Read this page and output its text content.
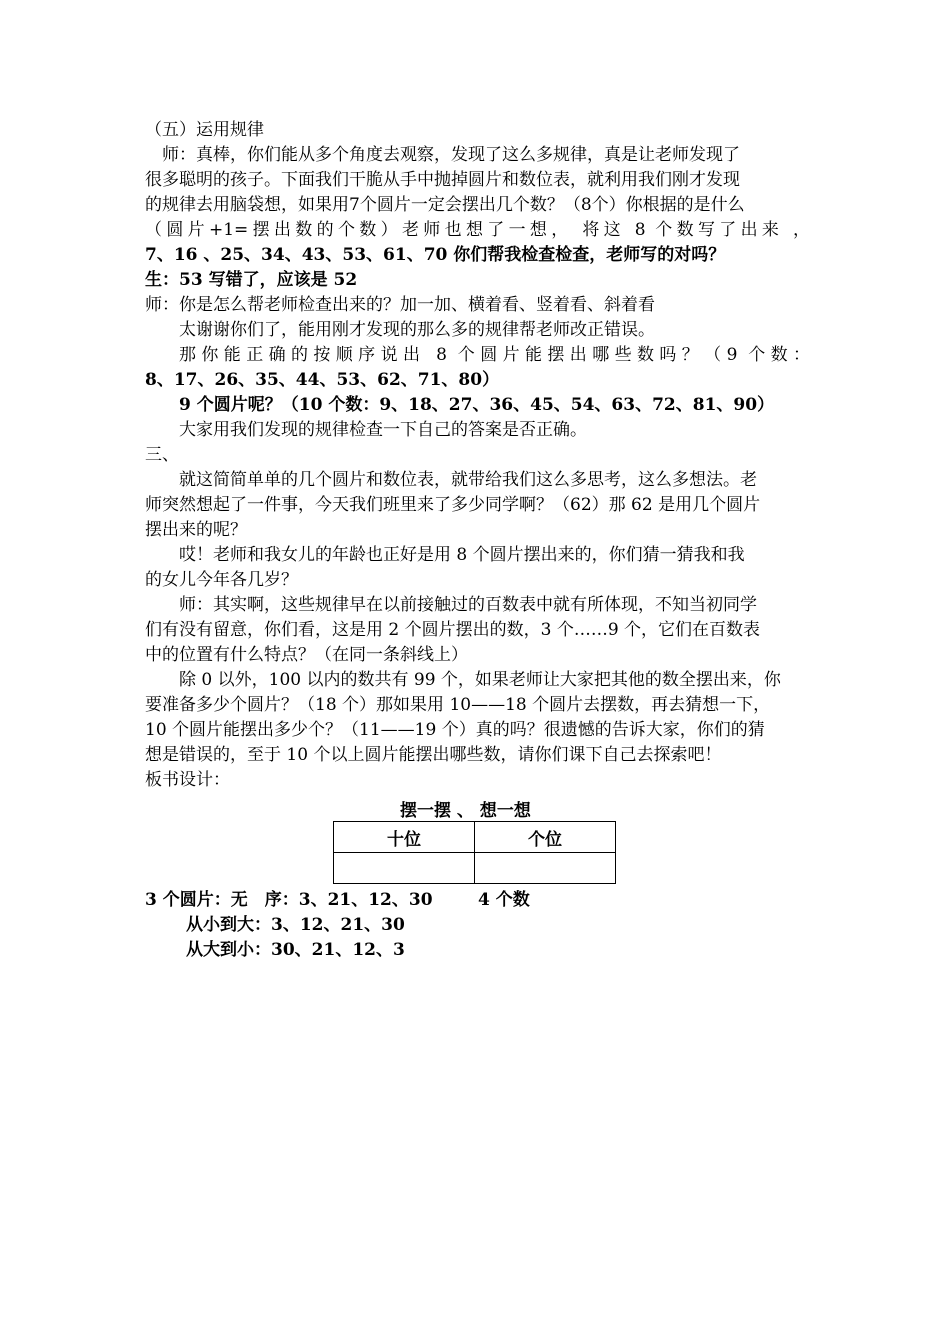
（五）运用规律
　师：真棒，你们能从多个角度去观察，发现了这么多规律，真是让老师发现了
很多聪明的孩子。下面我们干脆从手中抛掉圆片和数位表，就利用我们刚才发现
的规律去用脑袋想，如果用7个圆片一定会摆出几个数？（8个）你根据的是什么
（圆片+1=摆出数的个数）老师也想了一想， 将这 8 个数写了出来 ，
7、16 、25、34、43、53、61、70 你们帮我检查检查，老师写的对吗？
生：53 写错了，应该是 52
师：你是怎么帮老师检查出来的？加一加、横着看、竖着看、斜着看
太谢谢你们了，能用刚才发现的那么多的规律帮老师改正错误。
那你能正确的按顺序说出 8 个圆片能摆出哪些数吗？（9 个数：
8、17、26、35、44、53、62、71、80）
9 个圆片呢？（10 个数：9、18、27、36、45、54、63、72、81、90）
大家用我们发现的规律检查一下自己的答案是否正确。
三、
就这简简单单的几个圆片和数位表，就带给我们这么多思考，这么多想法。老
师突然想起了一件事，今天我们班里来了多少同学啊？（62）那 62 是用几个圆片
摆出来的呢？
哎！老师和我女儿的年龄也正好是用 8 个圆片摆出来的，你们猜一猜我和我
的女儿今年各几岁？
师：其实啊，这些规律早在以前接触过的百数表中就有所体现，不知当初同学
们有没有留意，你们看，这是用 2 个圆片摆出的数，3 个……9 个，它们在百数表
中的位置有什么特点？（在同一条斜线上）
除 0 以外，100 以内的数共有 99 个，如果老师让大家把其他的数全摆出来，你
要准备多少个圆片？（18 个）那如果用 10——18 个圆片去摆数，再去猜想一下，
10 个圆片能摆出多少个？（11——19 个）真的吗？很遗憾的告诉大家，你们的猜
想是错误的，至于 10 个以上圆片能摆出哪些数，请你们课下自己去探索吧！
板书设计：
摆一摆 、 想一想
十位	个位

3 个圆片：无　序：3、21、12、30	4 个数
从小到大：3、12、21、30
从大到小：30、21、12、3
